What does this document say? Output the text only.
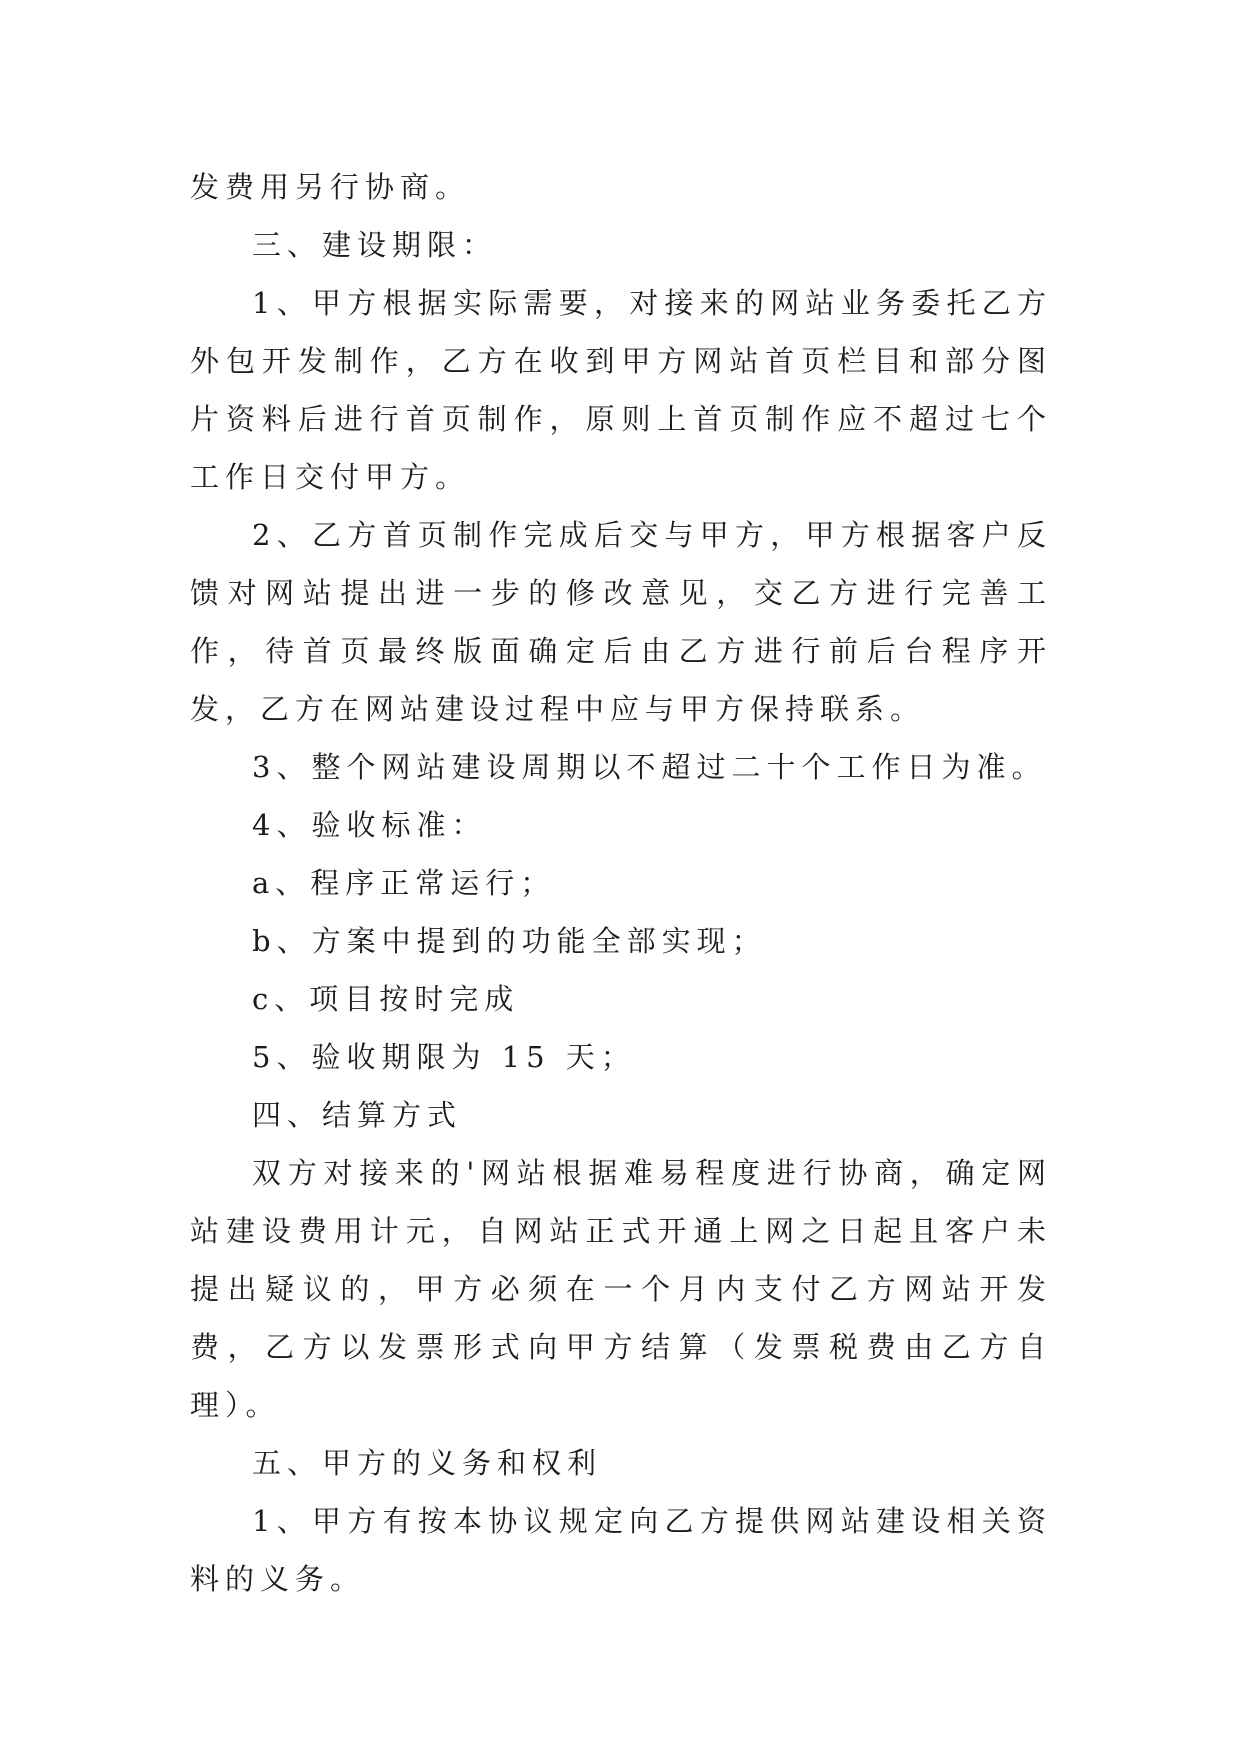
发费用另行协商。

三、建设期限：

1、甲方根据实际需要，对接来的网站业务委托乙方外包开发制作，乙方在收到甲方网站首页栏目和部分图片资料后进行首页制作，原则上首页制作应不超过七个工作日交付甲方。

2、乙方首页制作完成后交与甲方，甲方根据客户反馈对网站提出进一步的修改意见，交乙方进行完善工作，待首页最终版面确定后由乙方进行前后台程序开发，乙方在网站建设过程中应与甲方保持联系。

3、整个网站建设周期以不超过二十个工作日为准。

4、验收标准：

a、程序正常运行；

b、方案中提到的功能全部实现；

c、项目按时完成

5、验收期限为 15 天；

四、结算方式

双方对接来的'网站根据难易程度进行协商，确定网站建设费用计元，自网站正式开通上网之日起且客户未提出疑议的，甲方必须在一个月内支付乙方网站开发费，乙方以发票形式向甲方结算（发票税费由乙方自理）。

五、甲方的义务和权利

1、甲方有按本协议规定向乙方提供网站建设相关资料的义务。
